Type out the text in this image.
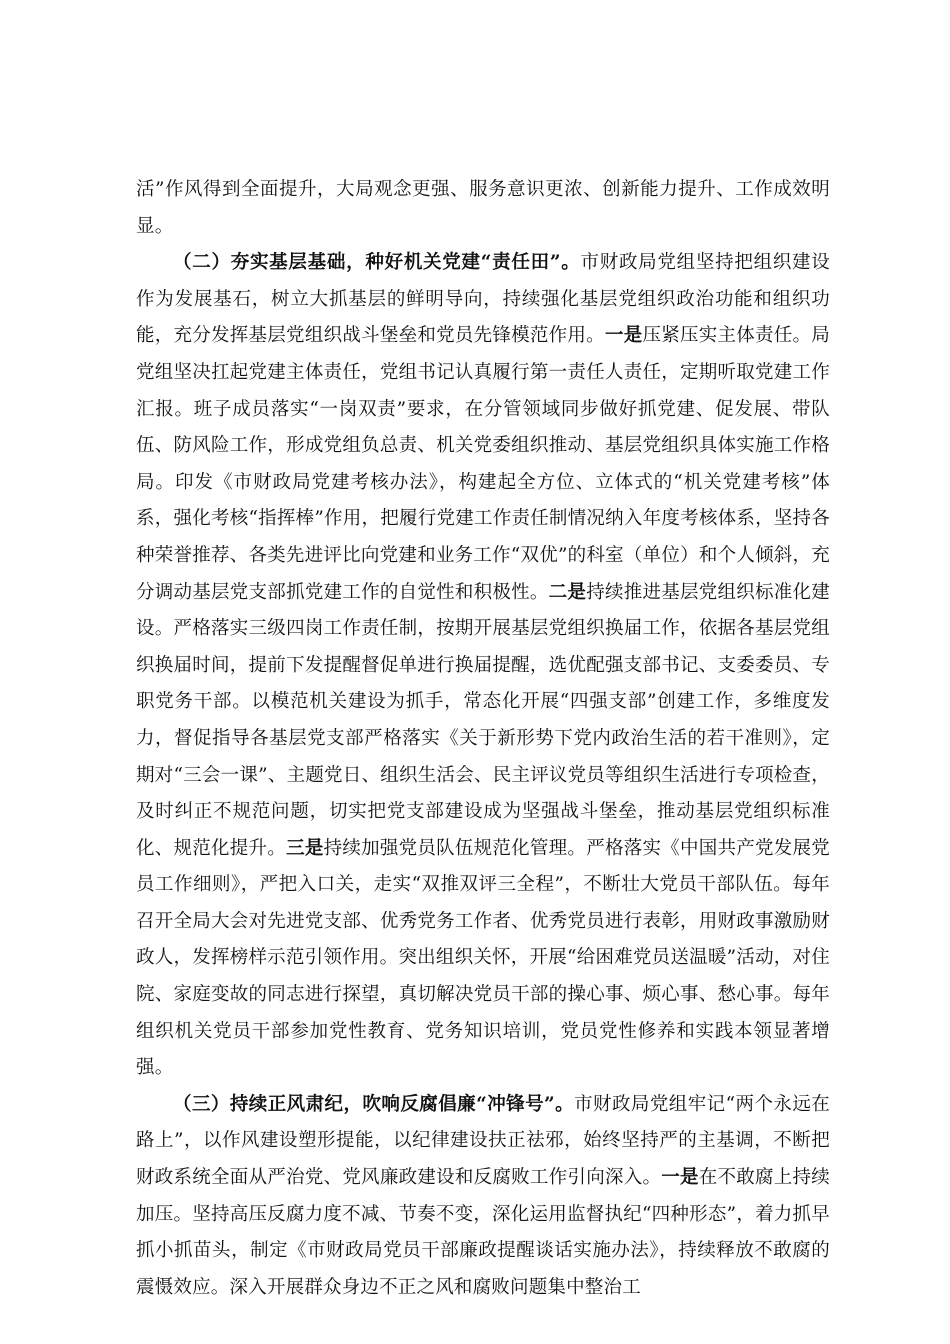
活”作风得到全面提升，大局观念更强、服务意识更浓、创新能力提升、工作成效明显。

（二）夯实基层基础，种好机关党建“责任田”。市财政局党组坚持把组织建设作为发展基石，树立大抓基层的鲜明导向，持续强化基层党组织政治功能和组织功能，充分发挥基层党组织战斗堡垒和党员先锋模范作用。一是压紧压实主体责任。局党组坚决扛起党建主体责任，党组书记认真履行第一责任人责任，定期听取党建工作汇报。班子成员落实“一岗双责”要求，在分管领域同步做好抓党建、促发展、带队伍、防风险工作，形成党组负总责、机关党委组织推动、基层党组织具体实施工作格局。印发《市财政局党建考核办法》，构建起全方位、立体式的“机关党建考核”体系，强化考核“指挥棒”作用，把履行党建工作责任制情况纳入年度考核体系，坚持各种荣誉推荐、各类先进评比向党建和业务工作“双优”的科室（单位）和个人倾斜，充分调动基层党支部抓党建工作的自觉性和积极性。二是持续推进基层党组织标准化建设。严格落实三级四岗工作责任制，按期开展基层党组织换届工作，依据各基层党组织换届时间，提前下发提醒督促单进行换届提醒，选优配强支部书记、支委委员、专职党务干部。以模范机关建设为抓手，常态化开展“四强支部”创建工作，多维度发力，督促指导各基层党支部严格落实《关于新形势下党内政治生活的若干准则》，定期对“三会一课”、主题党日、组织生活会、民主评议党员等组织生活进行专项检查，及时纠正不规范问题，切实把党支部建设成为坚强战斗堡垒，推动基层党组织标准化、规范化提升。三是持续加强党员队伍规范化管理。严格落实《中国共产党发展党员工作细则》，严把入口关，走实“双推双评三全程”，不断壮大党员干部队伍。每年召开全局大会对先进党支部、优秀党务工作者、优秀党员进行表彰，用财政事激励财政人，发挥榜样示范引领作用。突出组织关怀，开展“给困难党员送温暖”活动，对住院、家庭变故的同志进行探望，真切解决党员干部的操心事、烦心事、愁心事。每年组织机关党员干部参加党性教育、党务知识培训，党员党性修养和实践本领显著增强。

（三）持续正风肃纪，吹响反腐倡廉“冲锋号”。市财政局党组牢记“两个永远在路上”，以作风建设塑形提能，以纪律建设扶正祛邪，始终坚持严的主基调，不断把财政系统全面从严治党、党风廉政建设和反腐败工作引向深入。一是在不敢腐上持续加压。坚持高压反腐力度不减、节奏不变，深化运用监督执纪“四种形态”，着力抓早抓小抓苗头，制定《市财政局党员干部廉政提醒谈话实施办法》，持续释放不敢腐的震慑效应。深入开展群众身边不正之风和腐败问题集中整治工
